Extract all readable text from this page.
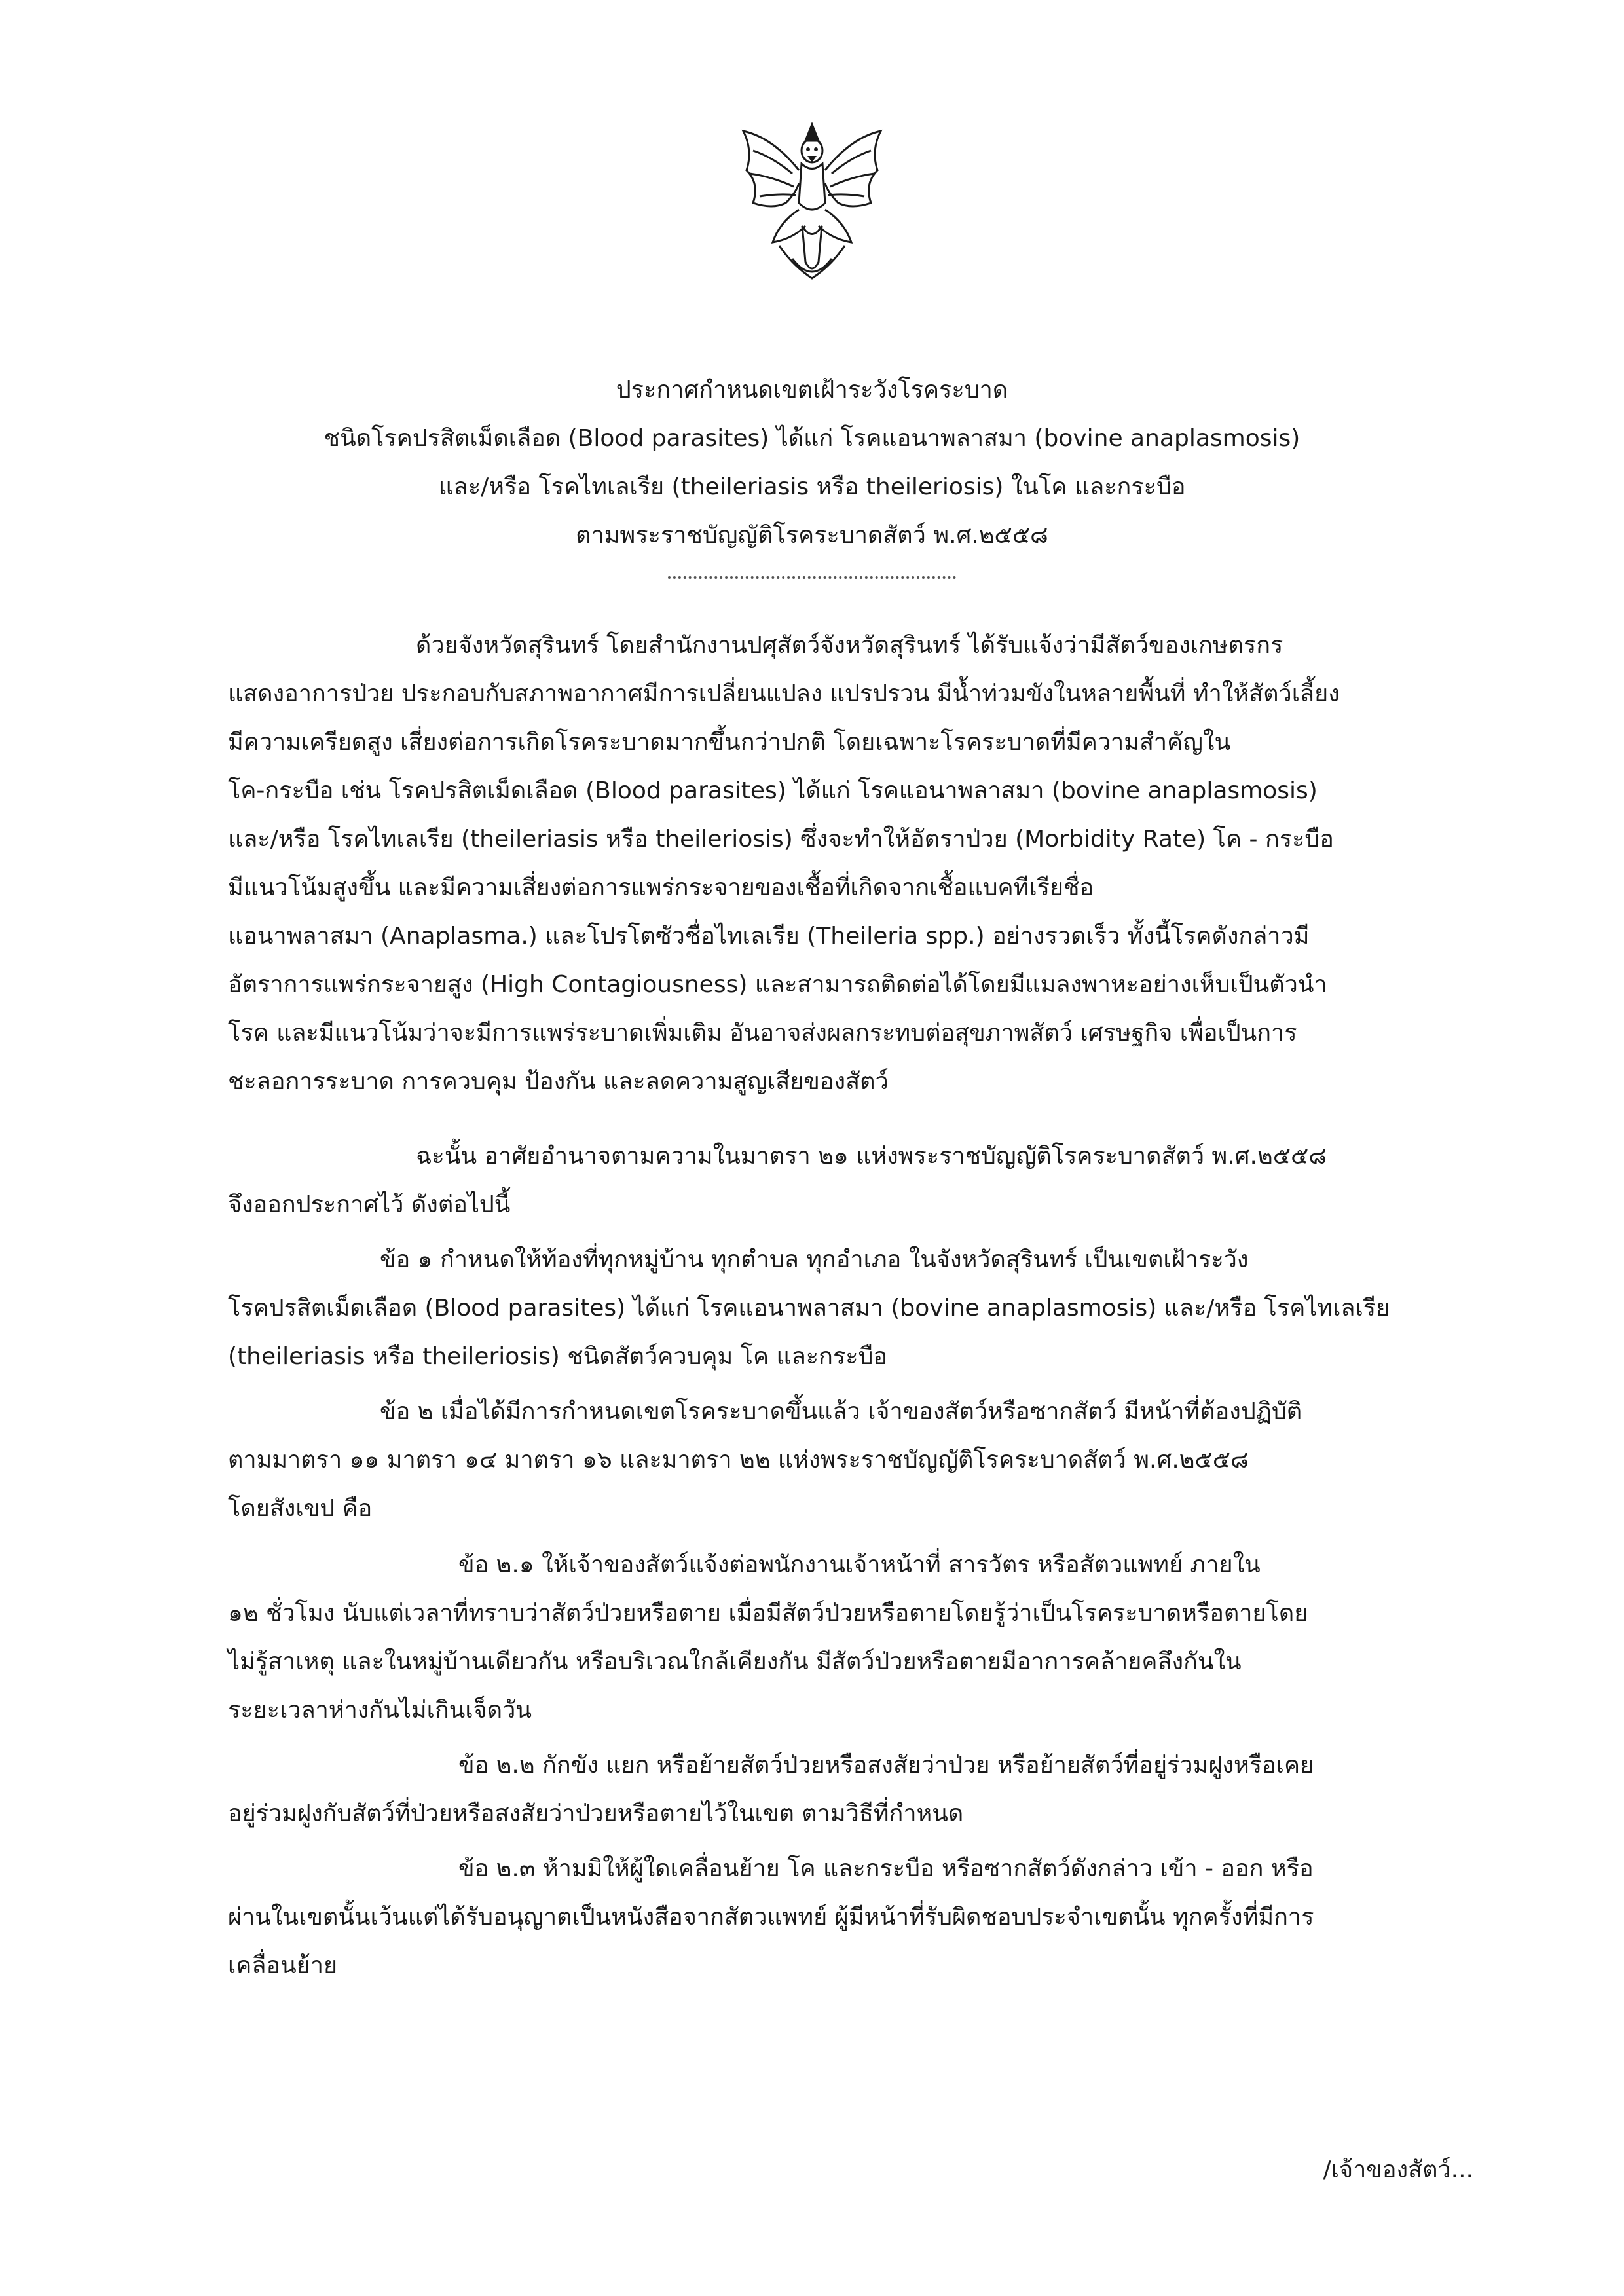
ประกาศกำหนดเขตเฝ้าระวังโรคระบาด
ชนิดโรคปรสิตเม็ดเลือด (Blood parasites) ได้แก่ โรคแอนาพลาสมา (bovine anaplasmosis)
และ/หรือ โรคไทเลเรีย (theileriasis หรือ theileriosis) ในโค และกระบือ
ตามพระราชบัญญัติโรคระบาดสัตว์ พ.ศ.๒๕๕๘
ด้วยจังหวัดสุรินทร์ โดยสำนักงานปศุสัตว์จังหวัดสุรินทร์ ได้รับแจ้งว่ามีสัตว์ของเกษตรกร
แสดงอาการป่วย ประกอบกับสภาพอากาศมีการเปลี่ยนแปลง แปรปรวน มีน้ำท่วมขังในหลายพื้นที่ ทำให้สัตว์เลี้ยง
มีความเครียดสูง เสี่ยงต่อการเกิดโรคระบาดมากขึ้นกว่าปกติ โดยเฉพาะโรคระบาดที่มีความสำคัญใน
โค-กระบือ เช่น โรคปรสิตเม็ดเลือด (Blood parasites) ได้แก่ โรคแอนาพลาสมา (bovine anaplasmosis)
และ/หรือ โรคไทเลเรีย (theileriasis หรือ theileriosis) ซึ่งจะทำให้อัตราป่วย (Morbidity Rate) โค - กระบือ
มีแนวโน้มสูงขึ้น และมีความเสี่ยงต่อการแพร่กระจายของเชื้อที่เกิดจากเชื้อแบคทีเรียชื่อ
แอนาพลาสมา (Anaplasma.) และโปรโตซัวชื่อไทเลเรีย (Theileria spp.) อย่างรวดเร็ว ทั้งนี้โรคดังกล่าวมี
อัตราการแพร่กระจายสูง (High Contagiousness) และสามารถติดต่อได้โดยมีแมลงพาหะอย่างเห็บเป็นตัวนำ
โรค และมีแนวโน้มว่าจะมีการแพร่ระบาดเพิ่มเติม อันอาจส่งผลกระทบต่อสุขภาพสัตว์ เศรษฐกิจ เพื่อเป็นการ
ชะลอการระบาด การควบคุม ป้องกัน และลดความสูญเสียของสัตว์
ฉะนั้น อาศัยอำนาจตามความในมาตรา ๒๑ แห่งพระราชบัญญัติโรคระบาดสัตว์ พ.ศ.๒๕๕๘
จึงออกประกาศไว้ ดังต่อไปนี้
ข้อ ๑ กำหนดให้ท้องที่ทุกหมู่บ้าน ทุกตำบล ทุกอำเภอ ในจังหวัดสุรินทร์ เป็นเขตเฝ้าระวัง
โรคปรสิตเม็ดเลือด (Blood parasites) ได้แก่ โรคแอนาพลาสมา (bovine anaplasmosis) และ/หรือ โรคไทเลเรีย
(theileriasis หรือ theileriosis) ชนิดสัตว์ควบคุม โค และกระบือ
ข้อ ๒ เมื่อได้มีการกำหนดเขตโรคระบาดขึ้นแล้ว เจ้าของสัตว์หรือซากสัตว์ มีหน้าที่ต้องปฏิบัติ
ตามมาตรา ๑๑ มาตรา ๑๔ มาตรา ๑๖ และมาตรา ๒๒ แห่งพระราชบัญญัติโรคระบาดสัตว์ พ.ศ.๒๕๕๘
โดยสังเขป คือ
ข้อ ๒.๑ ให้เจ้าของสัตว์แจ้งต่อพนักงานเจ้าหน้าที่ สารวัตร หรือสัตวแพทย์ ภายใน
๑๒ ชั่วโมง นับแต่เวลาที่ทราบว่าสัตว์ป่วยหรือตาย เมื่อมีสัตว์ป่วยหรือตายโดยรู้ว่าเป็นโรคระบาดหรือตายโดย
ไม่รู้สาเหตุ และในหมู่บ้านเดียวกัน หรือบริเวณใกล้เคียงกัน มีสัตว์ป่วยหรือตายมีอาการคล้ายคลึงกันใน
ระยะเวลาห่างกันไม่เกินเจ็ดวัน
ข้อ ๒.๒ กักขัง แยก หรือย้ายสัตว์ป่วยหรือสงสัยว่าป่วย หรือย้ายสัตว์ที่อยู่ร่วมฝูงหรือเคย
อยู่ร่วมฝูงกับสัตว์ที่ป่วยหรือสงสัยว่าป่วยหรือตายไว้ในเขต ตามวิธีที่กำหนด
ข้อ ๒.๓ ห้ามมิให้ผู้ใดเคลื่อนย้าย โค และกระบือ หรือซากสัตว์ดังกล่าว เข้า - ออก หรือ
ผ่านในเขตนั้นเว้นแต่ได้รับอนุญาตเป็นหนังสือจากสัตวแพทย์ ผู้มีหน้าที่รับผิดชอบประจำเขตนั้น ทุกครั้งที่มีการ
เคลื่อนย้าย
/เจ้าของสัตว์...
